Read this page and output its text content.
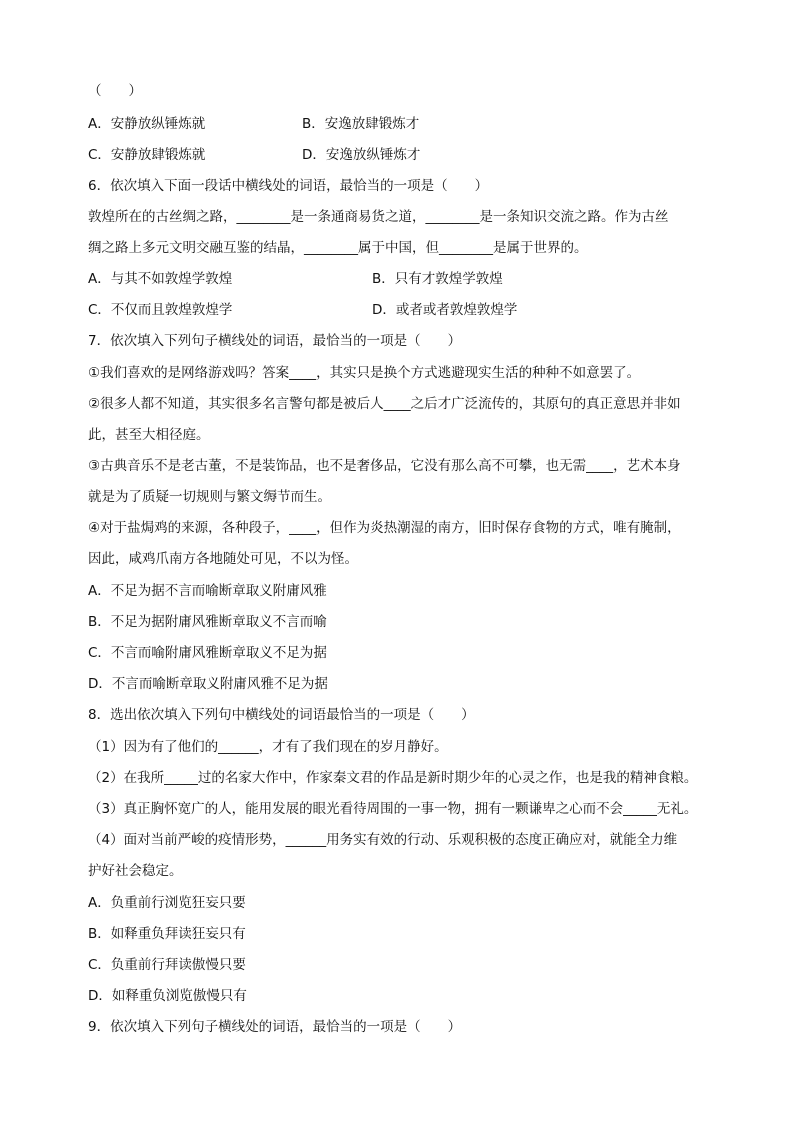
（　　）
A．安静放纵锤炼就	B．安逸放肆锻炼才
C．安静放肆锻炼就	D．安逸放纵锤炼才
6．依次填入下面一段话中横线处的词语，最恰当的一项是（　　）
敦煌所在的古丝绸之路，________是一条通商易货之道，________是一条知识交流之路。作为古丝
绸之路上多元文明交融互鉴的结晶，________属于中国，但________是属于世界的。
A．与其不如敦煌学敦煌	B．只有才敦煌学敦煌
C．不仅而且敦煌敦煌学	D．或者或者敦煌敦煌学
7．依次填入下列句子横线处的词语，最恰当的一项是（　　）
①我们喜欢的是网络游戏吗？答案____，其实只是换个方式逃避现实生活的种种不如意罢了。
②很多人都不知道，其实很多名言警句都是被后人____之后才广泛流传的，其原句的真正意思并非如
此，甚至大相径庭。
③古典音乐不是老古董，不是装饰品，也不是奢侈品，它没有那么高不可攀，也无需____，艺术本身
就是为了质疑一切规则与繁文缛节而生。
④对于盐焗鸡的来源，各种段子，____，但作为炎热潮湿的南方，旧时保存食物的方式，唯有腌制，
因此，咸鸡爪南方各地随处可见，不以为怪。
A．不足为据不言而喻断章取义附庸风雅
B．不足为据附庸风雅断章取义不言而喻
C．不言而喻附庸风雅断章取义不足为据
D．不言而喻断章取义附庸风雅不足为据
8．选出依次填入下列句中横线处的词语最恰当的一项是（　　）
（1）因为有了他们的______，才有了我们现在的岁月静好。
（2）在我所_____过的名家大作中，作家秦文君的作品是新时期少年的心灵之作，也是我的精神食粮。
（3）真正胸怀宽广的人，能用发展的眼光看待周围的一事一物，拥有一颗谦卑之心而不会_____无礼。
（4）面对当前严峻的疫情形势，______用务实有效的行动、乐观积极的态度正确应对，就能全力维
护好社会稳定。
A．负重前行浏览狂妄只要
B．如释重负拜读狂妄只有
C．负重前行拜读傲慢只要
D．如释重负浏览傲慢只有
9．依次填入下列句子横线处的词语，最恰当的一项是（　　）
